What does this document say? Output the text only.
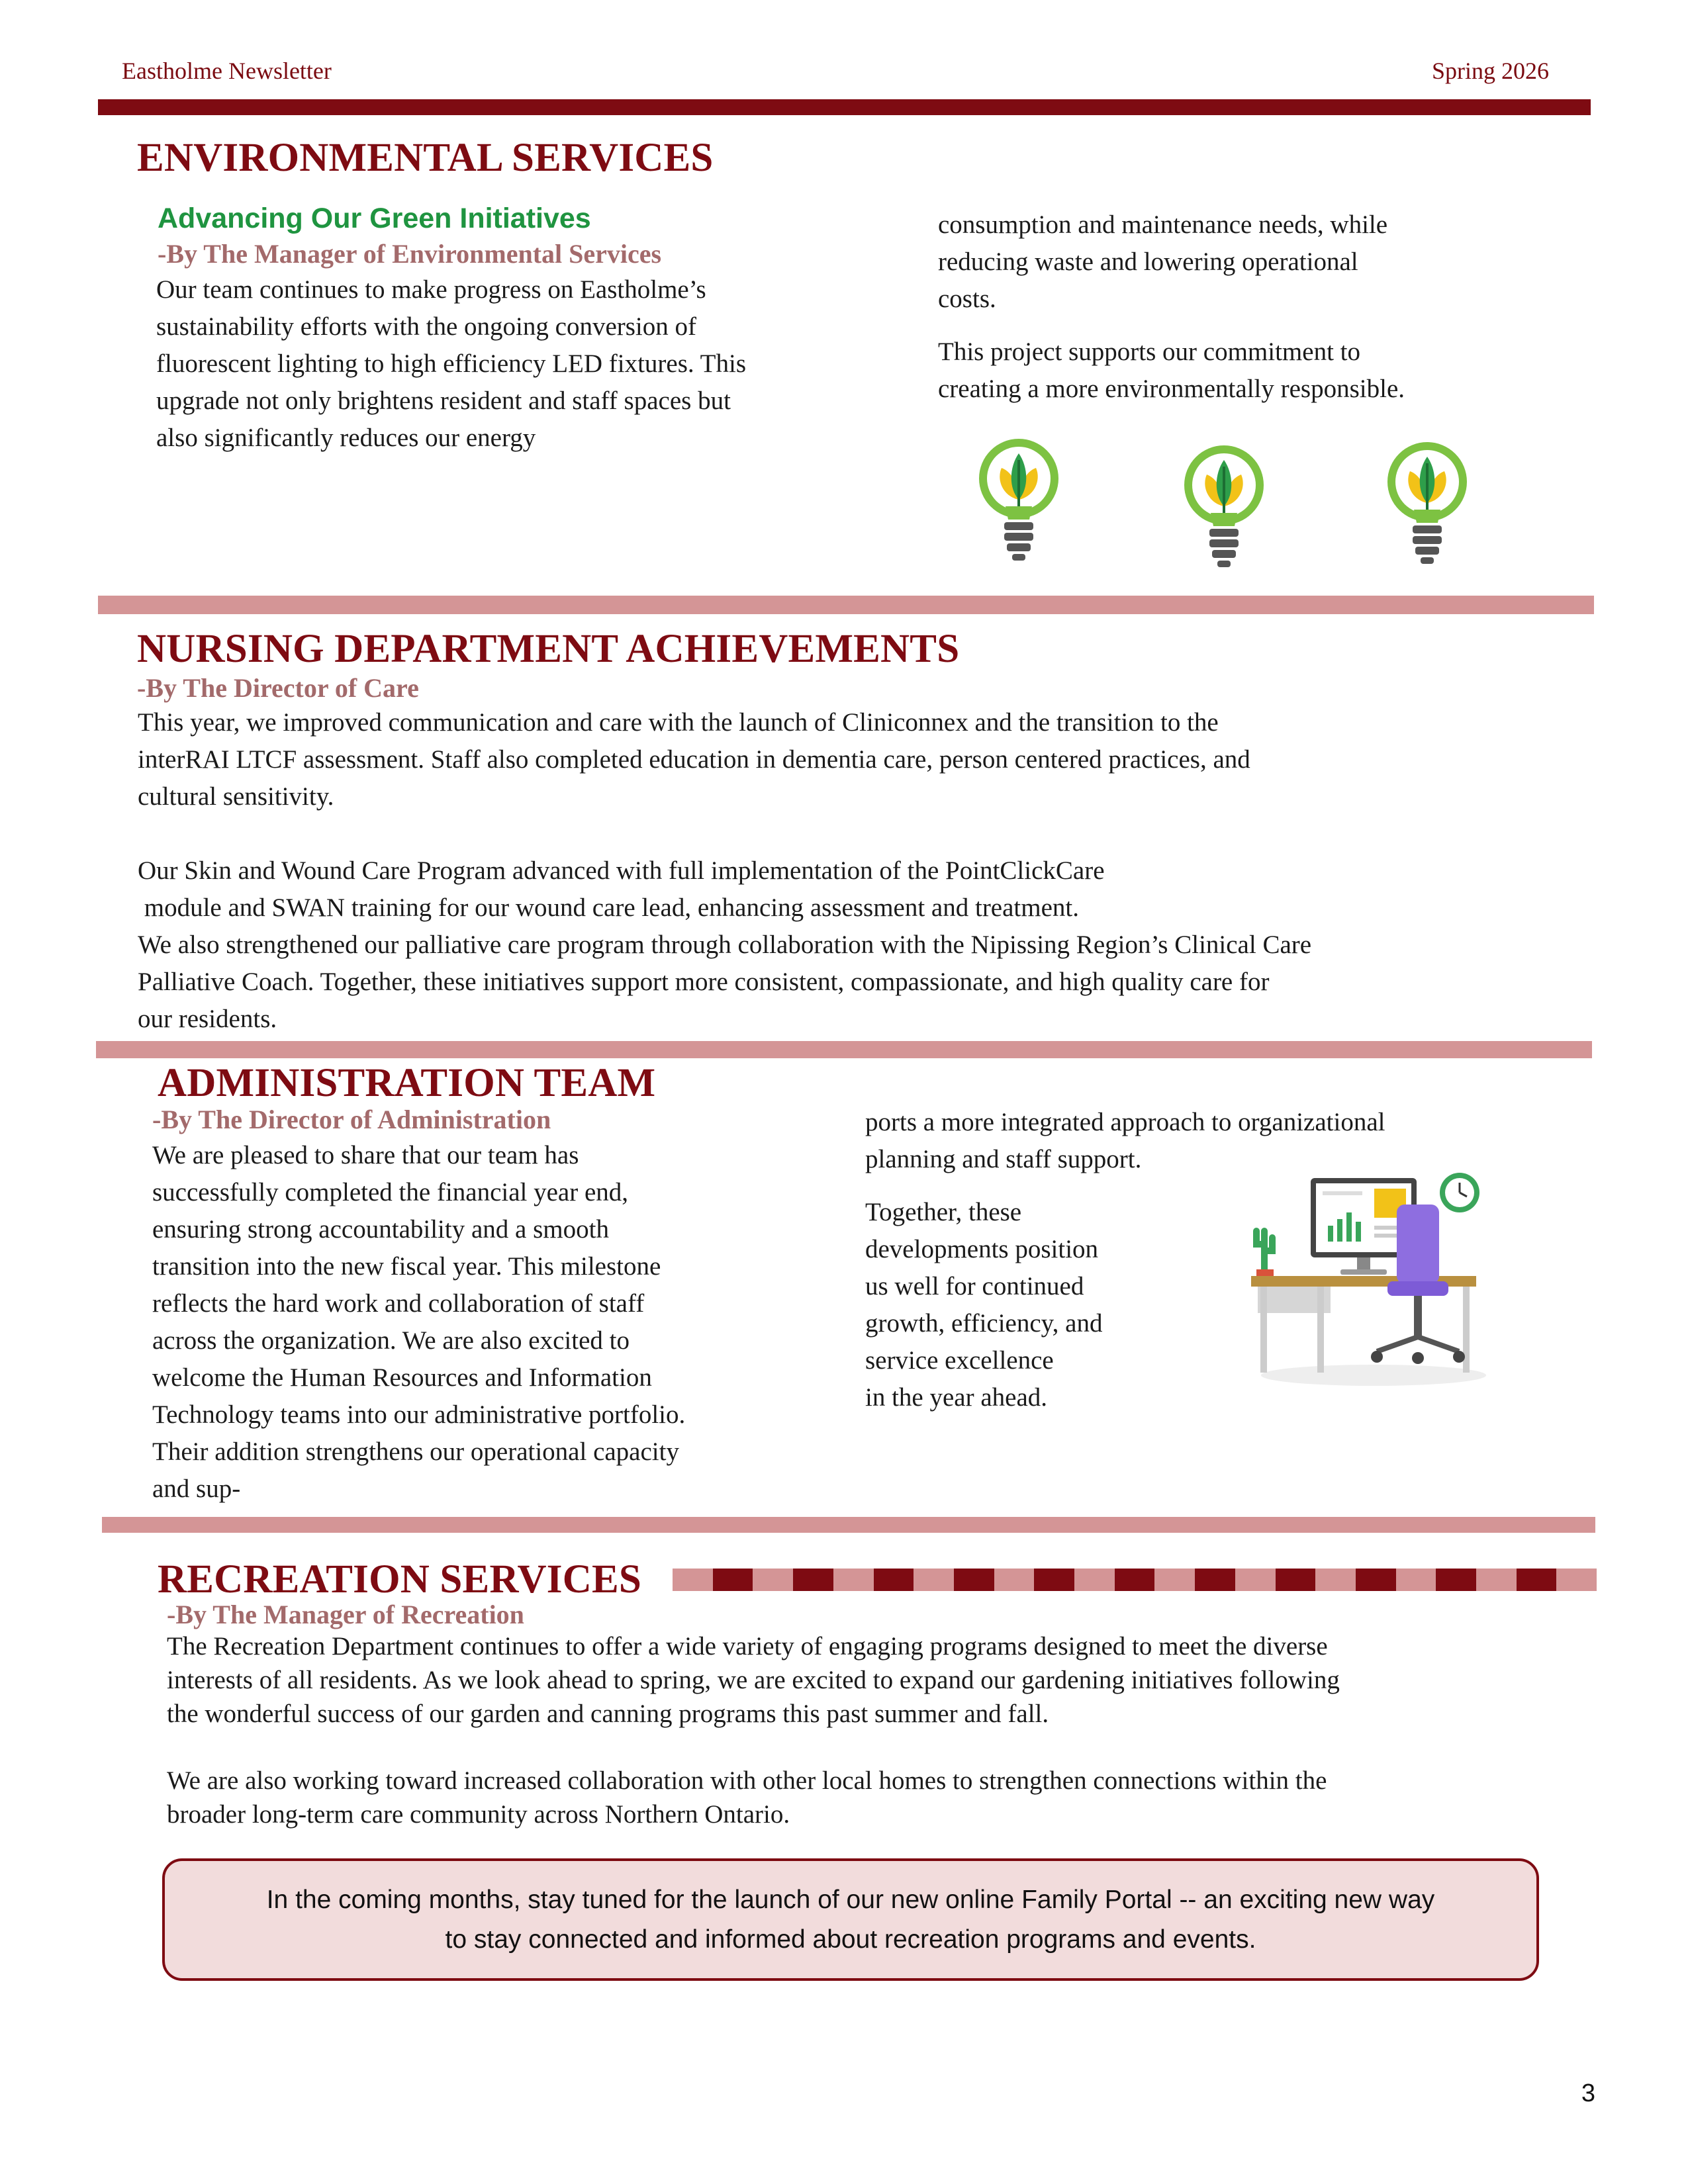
Eastholme Newsletter	Spring 2026
ENVIRONMENTAL SERVICES
Advancing Our Green Initiatives
-By The Manager of Environmental Services

Our team continues to make progress on Eastholme’s

sustainability efforts with the ongoing conversion of

fluorescent lighting to high efficiency LED fixtures. This

upgrade not only brightens resident and staff spaces but

also significantly reduces our energy

consumption and maintenance needs, while

reducing waste and lowering operational

costs.

This project supports our commitment to

creating a more environmentally responsible.

NURSING DEPARTMENT ACHIEVEMENTS
-By The Director of Care

This year, we improved communication and care with the launch of Cliniconnex and the transition to the

interRAI LTCF assessment. Staff also completed education in dementia care, person centered practices, and

cultural sensitivity.

Our Skin and Wound Care Program advanced with full implementation of the PointClickCare

module and SWAN training for our wound care lead, enhancing assessment and treatment.

We also strengthened our palliative care program through collaboration with the Nipissing Region’s Clinical Care

Palliative Coach. Together, these initiatives support more consistent, compassionate, and high quality care for

our residents.

ADMINISTRATION TEAM
-By The Director of Administration

We are pleased to share that our team has

successfully completed the financial year end,

ensuring strong accountability and a smooth

transition into the new fiscal year. This milestone

reflects the hard work and collaboration of staff

across the organization. We are also excited to

welcome the Human Resources and Information

Technology teams into our administrative portfolio.

Their addition strengthens our operational capacity

and sup-

ports a more integrated approach to organizational

planning and staff support.

Together, these

developments position

us well for continued

growth, efficiency, and

service excellence

in the year ahead.

RECREATION SERVICES
-By The Manager of Recreation

The Recreation Department continues to offer a wide variety of engaging programs designed to meet the diverse

interests of all residents. As we look ahead to spring, we are excited to expand our gardening initiatives following

the wonderful success of our garden and canning programs this past summer and fall.

We are also working toward increased collaboration with other local homes to strengthen connections within the

broader long-term care community across Northern Ontario.

In the coming months, stay tuned for the launch of our new online Family Portal -- an exciting new way
to stay connected and informed about recreation programs and events.
3
